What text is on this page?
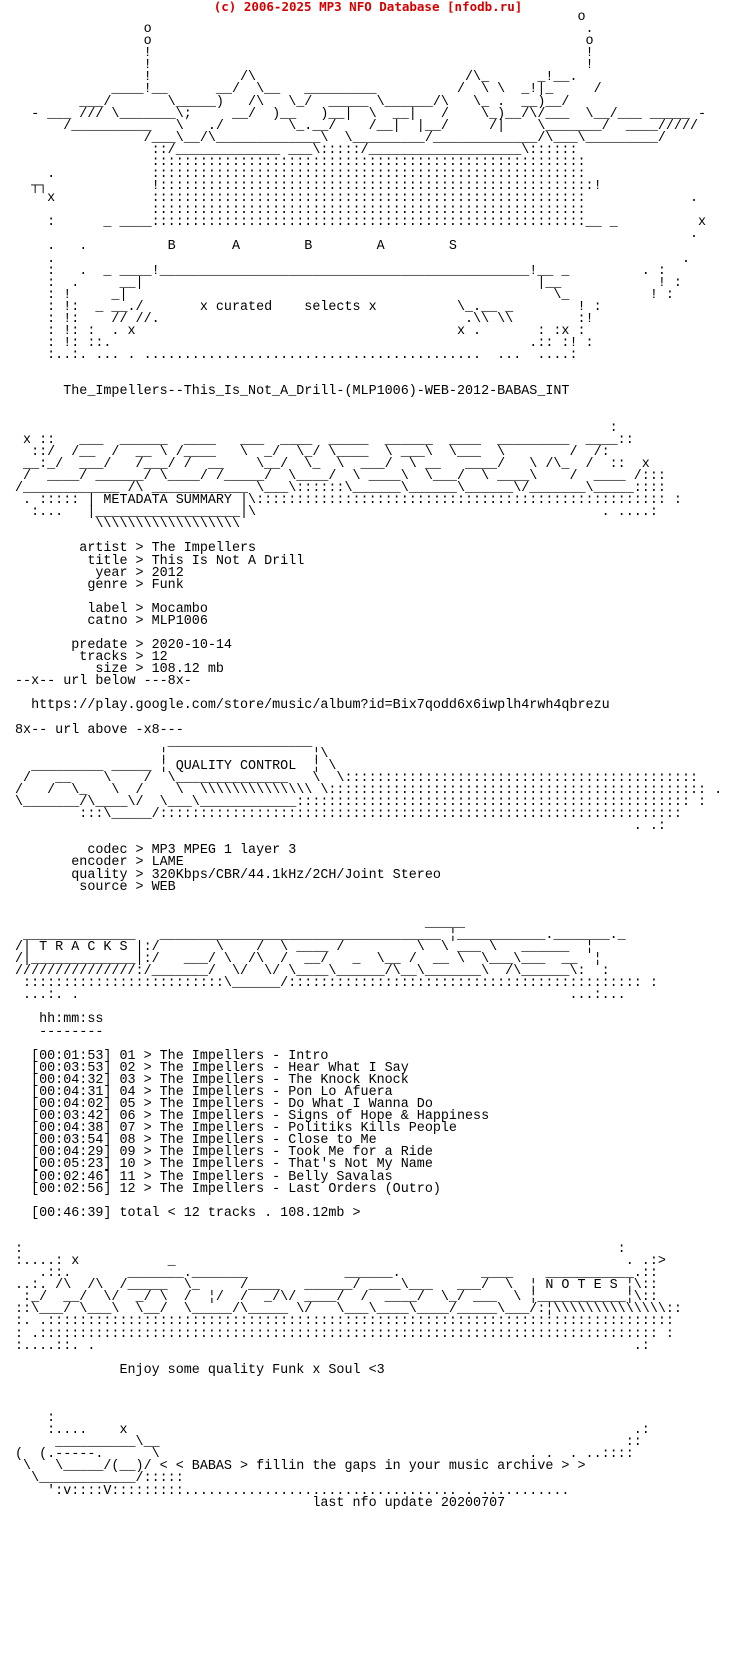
(c) 2006-2025 MP3 NFO Database [nfodb.ru]
o
o                                                      .
o                                                      o
!                                                      !
!                                                      !
!           /\                          /\_      _!__.
____!__      __/  \__   _________          /  \ \  _!|_     /
___/       \_____)   /\   \_/  _____ \______/\   \_ .  __)__/
- ___ /// \_______\;     __/  )__   )__|  \  __|   /    \_)__/\/___  \__/___ _____ -
/__________   \   ./        \_.__/    /__|  |__/     /|    \_______/  ____/////
/___\__/\_____________\  \_________/_____________/\___\_________/
::/_____________ ___\:::::/___________________\::::::
::::::::::::::::::::::::::::::::::::::::::::::::::::::
.            ::::::::::::::::::::::::::::::::::::::::::::::::::::::
┬┐             !::::::::::::::::::::::::::::::::::::::::::::::::::::::!
x            ::::::::::::::::::::::::::::::::::::::::::::::::::::::             .
::::::::::::::::::::::::::::::::::::::::::::::::::::::
:      _ ____::::::::::::::::::::::::::::::::::::::::::::::::::::::__ _          x
.
.   .          B       A        B        A        S
.                                                                              .
:   .  _ ____!______________________________________________!__ _         . :
:  .     __|                                                 |__            ! :
: !     _|                                                     \_          ! :
: !:  _ __./       x curated    selects x          \_.__ _        ! :
: !:    // //.                                      .\\ \\        :!
: !: :  . x                                        x .       : :x :
: !: ::.                                                    .:: :! :
:..:. ... . ..........................................  ...  ....:

The_Impellers--This_Is_Not_A_Drill-(MLP1006)-WEB-2012-BABAS_INT

:
x ::   ___  ______  ____   ___  ____  _____  ______  ____  _________  ____::
::/  /__  /  __ \ /____   \  _/  \_/ \____  \ ___\  \___  \        /  /:
__:_/  ___/   /___/ /  __    \__/  \_  \  ___/  \ __   ____/   \ /\_  /  ::  x
/  ____/ ______/ \____/ /_____/  \____/  \ ____\  \___/  \ ____\    /  ____ /:::
/____________ /\ ____________ \___\::::::\______\______\______\/_______\_____::::
. ::::: | METADATA SUMMARY |\::::::::::::::::::::::::::::::::::::::::::::::::::: :
:...   |__________________|\                                           . ....:
\\\\\\\\\\\\\\\\\\

artist > The Impellers
title > This Is Not A Drill
year > 2012
genre > Funk

label > Mocambo
catno > MLP1006

predate > 2020-10-14
tracks > 12
size > 108.12 mb
--x-- url below ---8x-

https://play.google.com/store/music/album?id=Bix7qodd6x6iwplh4rwh4qbrezu

8x-- url above -x8---
__________________
¦                  ¦\
_________ _____ ¦ QUALITY CONTROL  ¦ \
/   __    \    /  \______________   \  \::::::::::::::::::::::::::::::::::::::::::::
/   /  \_   \  /    \  \\\\\\\\\\\\\\ \::::::::::::::::::::::::::::::::::::::::::::::: .
\_______/\____\/  \___\____________::::::::::::::::::::::::::::::::::::::::::::::::: :
:::\_____/:::::::::::::::::::::::::::::::::::::::::::::::::::::::::::::::::
. .:

codec > MP3 MPEG 1 layer 3
encoder > LAME
quality > 320Kbps/CBR/44.1kHz/2CH/Joint Stereo
source > WEB

_____
______________   ___________________________________ ¦___________._______._
/| T R A C K S |:/       \    /  \ ____ /         \  \ ___ \   ______  ¦
/|_____________|:/   ___/ \  /\  /  __/   _  \__ /  __ \  \___\___  __  ¦
///////////////:/_______/  \/  \/ \____\______/\__\_______\  /\______\:  :
:::::::::::::::::::::::::\______/:::::::::::::::::::::::::::::::::::::::::::: :
...:. .                                                             ...:...

hh:mm:ss
--------

[00:01:53] 01 > The Impellers - Intro
[00:03:53] 02 > The Impellers - Hear What I Say
[00:04:32] 03 > The Impellers - The Knock Knock
[00:04:31] 04 > The Impellers - Pon Lo Afuera
[00:04:02] 05 > The Impellers - Do What I Wanna Do
[00:03:42] 06 > The Impellers - Signs of Hope & Happiness
[00:04:38] 07 > The Impellers - Politiks Kills People
[00:03:54] 08 > The Impellers - Close to Me
[00:04:29] 09 > The Impellers - Took Me for a Ride
[00:05:23] 10 > The Impellers - That's Not My Name
[00:02:46] 11 > The Impellers - Belly Savalas
[00:02:56] 12 > The Impellers - Last Orders (Outro)

[00:46:39] total < 12 tracks . 108.12mb >

:                                                                          :
:....: x           _                                                        . .:>
.::.       _______._______            ______.          ____    ___________.::
..:. /\  /\  /_____  \_     /____   ______/ ____\___   ___/  \  ¦ N O T E S ¦\::
:_/  __/  \/  _/ \  /  ¦/  /  _/\/ ____/  /  ____/  \_/ ___  \ ¦___________¦\::
::\___/ \___\  \__/  \_____/\_____ \/   \___\____\____/_____\___/:¦\\\\\\\\\\\\\\::
:. .::::::::::::::::::::::::::::::::::::::::::::::::::::::::::::::::::::::::::::::
: .::::::::::::::::::::::::::::::::::::::::::::::::::::::::::::::::::::::::::::: :
:....::. .                                                                   .:

Enjoy some quality Funk x Soul <3

:
:....    x                                                               .:
__________\__                                                          ::
(  (.-----.      \                                              . .  . ..::::
\   \_____/(__)/ < < BABAS > fillin the gaps in your music archive > >
\____________/:::::
':v::::V:::::::::.................................. . ...........
last nfo update 20200707
